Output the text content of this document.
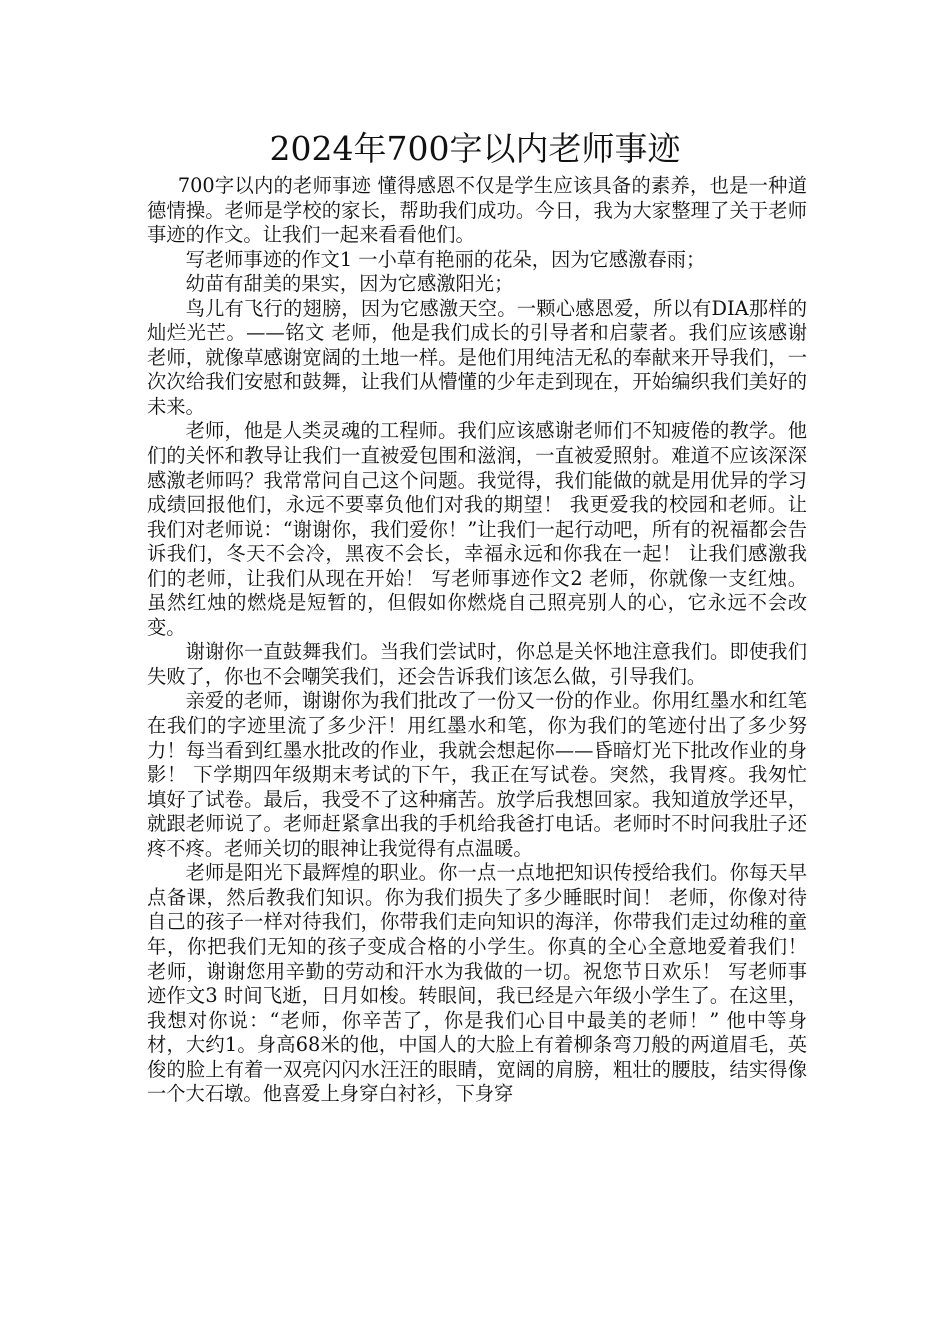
2024年700字以内老师事迹

700字以内的老师事迹 懂得感恩不仅是学生应该具备的素养，也是一种道德情操。老师是学校的家长，帮助我们成功。今日，我为大家整理了关于老师事迹的作文。让我们一起来看看他们。

写老师事迹的作文1 一小草有艳丽的花朵，因为它感激春雨；

幼苗有甜美的果实，因为它感激阳光；

鸟儿有飞行的翅膀，因为它感激天空。一颗心感恩爱，所以有DIA那样的灿烂光芒。——铭文 老师，他是我们成长的引导者和启蒙者。我们应该感谢老师，就像草感谢宽阔的土地一样。是他们用纯洁无私的奉献来开导我们，一次次给我们安慰和鼓舞，让我们从懵懂的少年走到现在，开始编织我们美好的未来。

老师，他是人类灵魂的工程师。我们应该感谢老师们不知疲倦的教学。他们的关怀和教导让我们一直被爱包围和滋润，一直被爱照射。难道不应该深深感激老师吗？我常常问自己这个问题。我觉得，我们能做的就是用优异的学习成绩回报他们，永远不要辜负他们对我的期望！ 我更爱我的校园和老师。让我们对老师说：“谢谢你，我们爱你！”让我们一起行动吧，所有的祝福都会告诉我们，冬天不会冷，黑夜不会长，幸福永远和你我在一起！ 让我们感激我们的老师，让我们从现在开始！ 写老师事迹作文2 老师，你就像一支红烛。虽然红烛的燃烧是短暂的，但假如你燃烧自己照亮别人的心，它永远不会改变。

谢谢你一直鼓舞我们。当我们尝试时，你总是关怀地注意我们。即使我们失败了，你也不会嘲笑我们，还会告诉我们该怎么做，引导我们。

亲爱的老师，谢谢你为我们批改了一份又一份的作业。你用红墨水和红笔在我们的字迹里流了多少汗！用红墨水和笔，你为我们的笔迹付出了多少努力！每当看到红墨水批改的作业，我就会想起你——昏暗灯光下批改作业的身影！ 下学期四年级期末考试的下午，我正在写试卷。突然，我胃疼。我匆忙填好了试卷。最后，我受不了这种痛苦。放学后我想回家。我知道放学还早，就跟老师说了。老师赶紧拿出我的手机给我爸打电话。老师时不时问我肚子还疼不疼。老师关切的眼神让我觉得有点温暖。

老师是阳光下最辉煌的职业。你一点一点地把知识传授给我们。你每天早点备课，然后教我们知识。你为我们损失了多少睡眠时间！ 老师，你像对待自己的孩子一样对待我们，你带我们走向知识的海洋，你带我们走过幼稚的童年，你把我们无知的孩子变成合格的小学生。你真的全心全意地爱着我们！ 老师，谢谢您用辛勤的劳动和汗水为我做的一切。祝您节日欢乐！ 写老师事迹作文3 时间飞逝，日月如梭。转眼间，我已经是六年级小学生了。在这里，我想对你说：“老师，你辛苦了，你是我们心目中最美的老师！” 他中等身材，大约1。身高68米的他，中国人的大脸上有着柳条弯刀般的两道眉毛，英俊的脸上有着一双亮闪闪水汪汪的眼睛，宽阔的肩膀，粗壮的腰肢，结实得像一个大石墩。他喜爱上身穿白衬衫，下身穿
